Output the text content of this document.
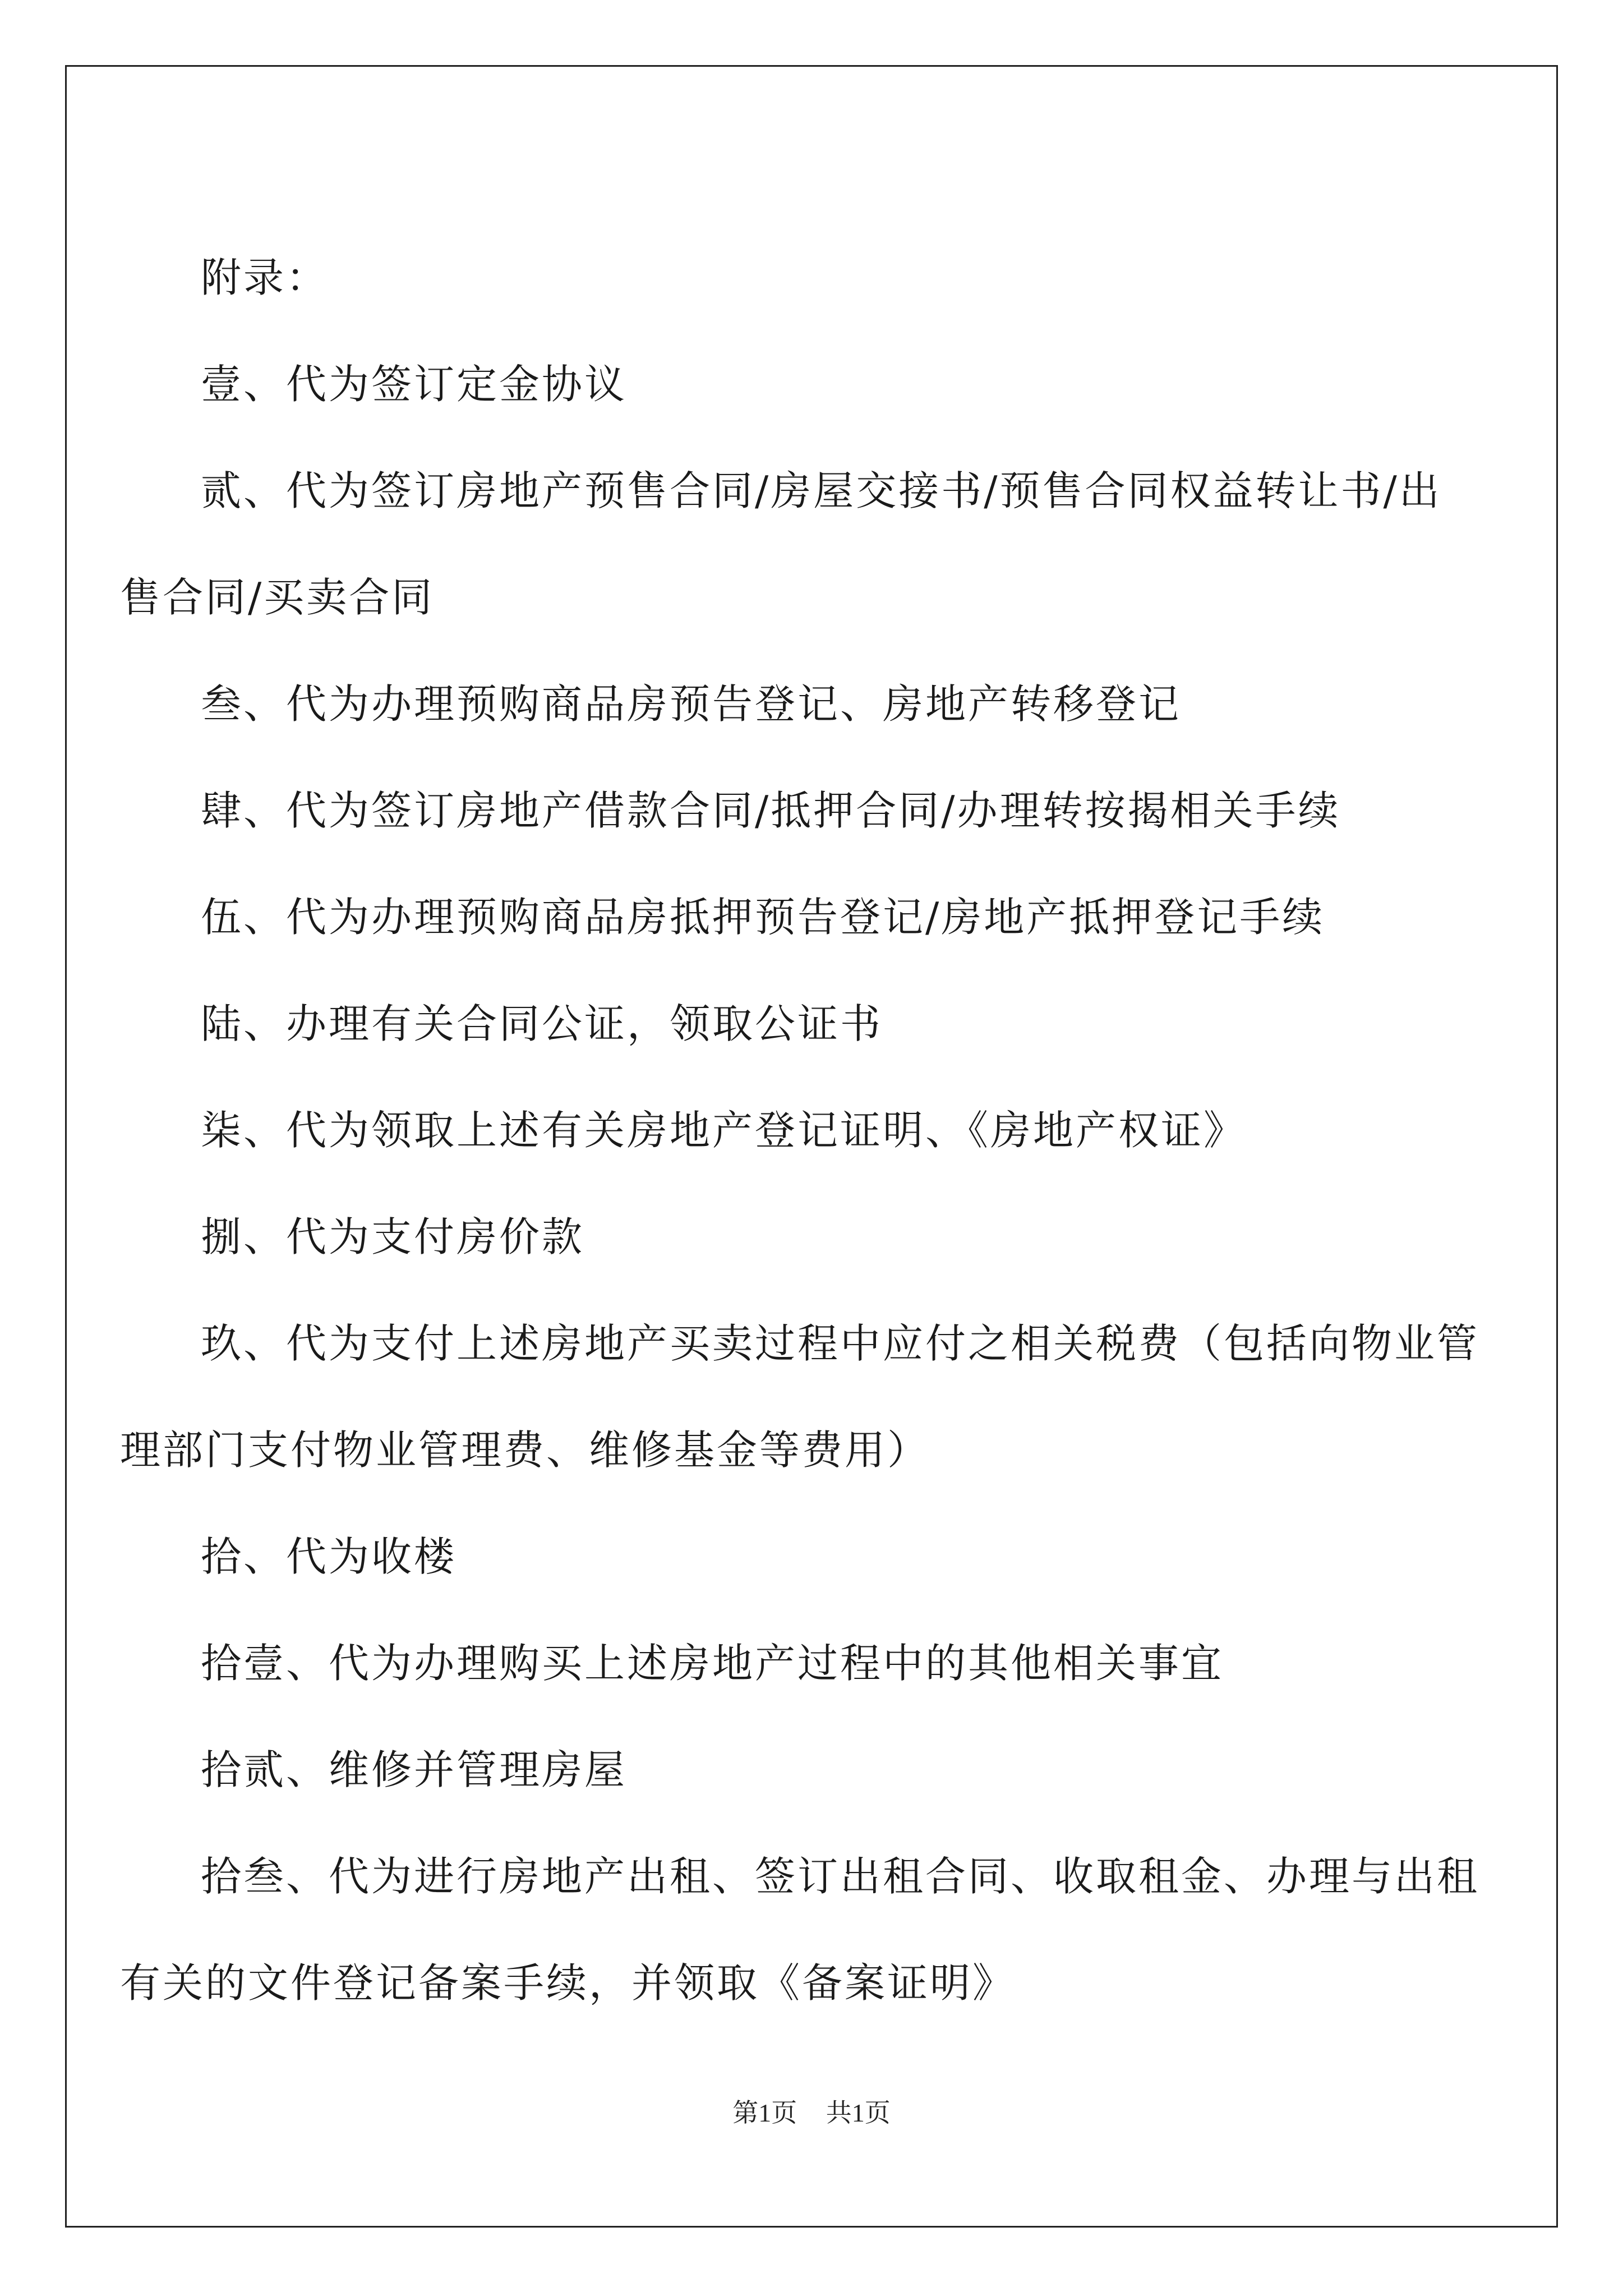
附录：

壹、代为签订定金协议

贰、代为签订房地产预售合同/房屋交接书/预售合同权益转让书/出售合同/买卖合同

叁、代为办理预购商品房预告登记、房地产转移登记

肆、代为签订房地产借款合同/抵押合同/办理转按揭相关手续

伍、代为办理预购商品房抵押预告登记/房地产抵押登记手续

陆、办理有关合同公证，领取公证书

柒、代为领取上述有关房地产登记证明、《房地产权证》

捌、代为支付房价款

玖、代为支付上述房地产买卖过程中应付之相关税费（包括向物业管理部门支付物业管理费、维修基金等费用）

拾、代为收楼

拾壹、代为办理购买上述房地产过程中的其他相关事宜

拾贰、维修并管理房屋

拾叁、代为进行房地产出租、签订出租合同、收取租金、办理与出租有关的文件登记备案手续，并领取《备案证明》

第1页 共1页
